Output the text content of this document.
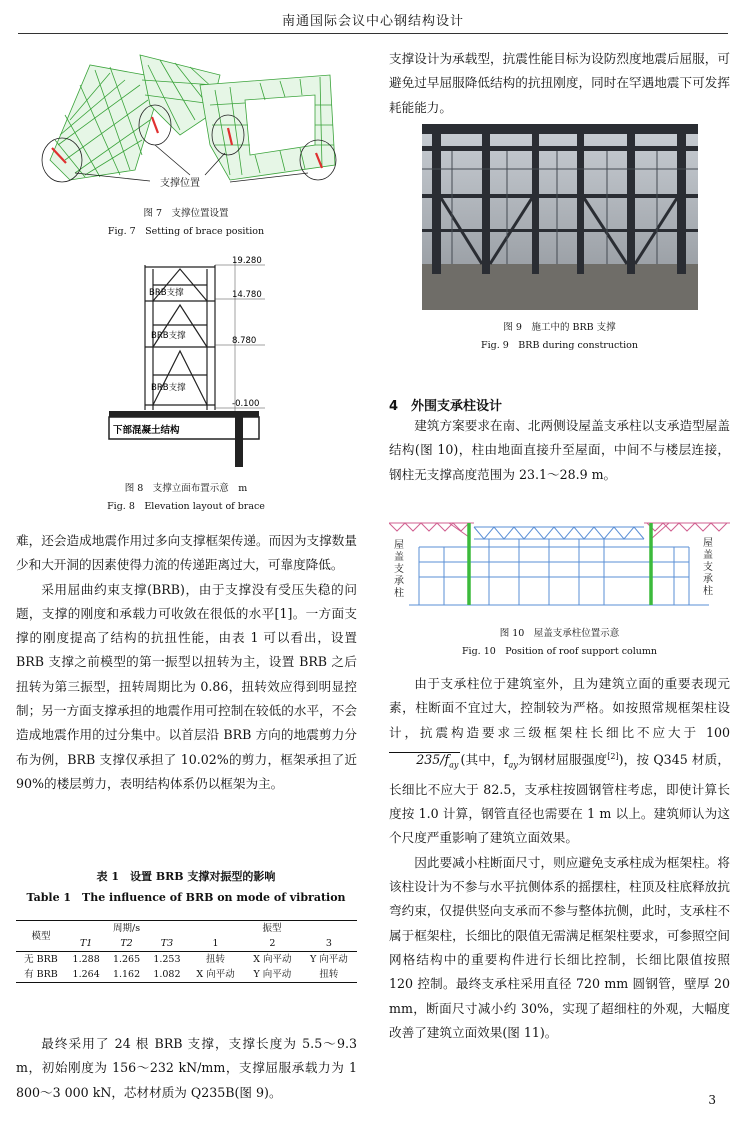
南通国际会议中心钢结构设计
支撑位置
图 7　支撑位置设置
Fig. 7　Setting of brace position
19.280
14.780
8.780
-0.100
BRB支撑
BRB支撑
BRB支撑
下部混凝土结构
图 8　支撑立面布置示意　m
Fig. 8　Elevation layout of brace

难，还会造成地震作用过多向支撑框架传递。而因为支撑数量少和大开洞的因素使得力流的传递距离过大，可靠度降低。

采用屈曲约束支撑(BRB)，由于支撑没有受压失稳的问题，支撑的刚度和承载力可收敛在很低的水平[1]。一方面支撑的刚度提高了结构的抗扭性能，由表 1 可以看出，设置 BRB 支撑之前模型的第一振型以扭转为主，设置 BRB 之后扭转为第三振型，扭转周期比为 0.86，扭转效应得到明显控制；另一方面支撑承担的地震作用可控制在较低的水平，不会造成地震作用的过分集中。以首层沿 BRB 方向的地震剪力分布为例，BRB 支撑仅承担了 10.02%的剪力，框架承担了近 90%的楼层剪力，表明结构体系仍以框架为主。

表 1　设置 BRB 支撑对振型的影响
Table 1　The influence of BRB on mode of vibration
模型	周期/s			振型		
	T1	T2	T3	1	2	3
无 BRB	1.288	1.265	1.253	扭转	X 向平动	Y 向平动
有 BRB	1.264	1.162	1.082	X 向平动	Y 向平动	扭转

最终采用了 24 根 BRB 支撑，支撑长度为 5.5～9.3 m，初始刚度为 156～232 kN/mm，支撑屈服承载力为 1 800～3 000 kN，芯材材质为 Q235B(图 9)。

支撑设计为承载型，抗震性能目标为设防烈度地震后屈服，可避免过早屈服降低结构的抗扭刚度，同时在罕遇地震下可发挥耗能能力。

图 9　施工中的 BRB 支撑
Fig. 9　BRB during construction
4　外围支承柱设计

建筑方案要求在南、北两侧设屋盖支承柱以支承造型屋盖结构(图 10)，柱由地面直接升至屋面，中间不与楼层连接，钢柱无支撑高度范围为 23.1～28.9 m。

屋盖支承柱
屋盖支承柱
图 10　屋盖支承柱位置示意
Fig. 10　Position of roof support column

由于支承柱位于建筑室外，且为建筑立面的重要表现元素，柱断面不宜过大，控制较为严格。如按照常规框架柱设计，抗震构造要求三级框架柱长细比不应大于 100 $235/f_{ay}$ (其中，$f_{ay}$为钢材屈服强度[2])，按 Q345 材质，长细比不应大于 82.5，支承柱按圆钢管柱考虑，即使计算长度按 1.0 计算，钢管直径也需要在 1 m 以上。建筑师认为这个尺度严重影响了建筑立面效果。

因此要减小柱断面尺寸，则应避免支承柱成为框架柱。将该柱设计为不参与水平抗侧体系的摇摆柱，柱顶及柱底释放抗弯约束，仅提供竖向支承而不参与整体抗侧，此时，支承柱不属于框架柱，长细比的限值无需满足框架柱要求，可参照空间网格结构中的重要构件进行长细比控制，长细比限值按照 120 控制。最终支承柱采用直径 720 mm 圆钢管，壁厚 20 mm，断面尺寸减小约 30%，实现了超细柱的外观，大幅度改善了建筑立面效果(图 11)。

3
